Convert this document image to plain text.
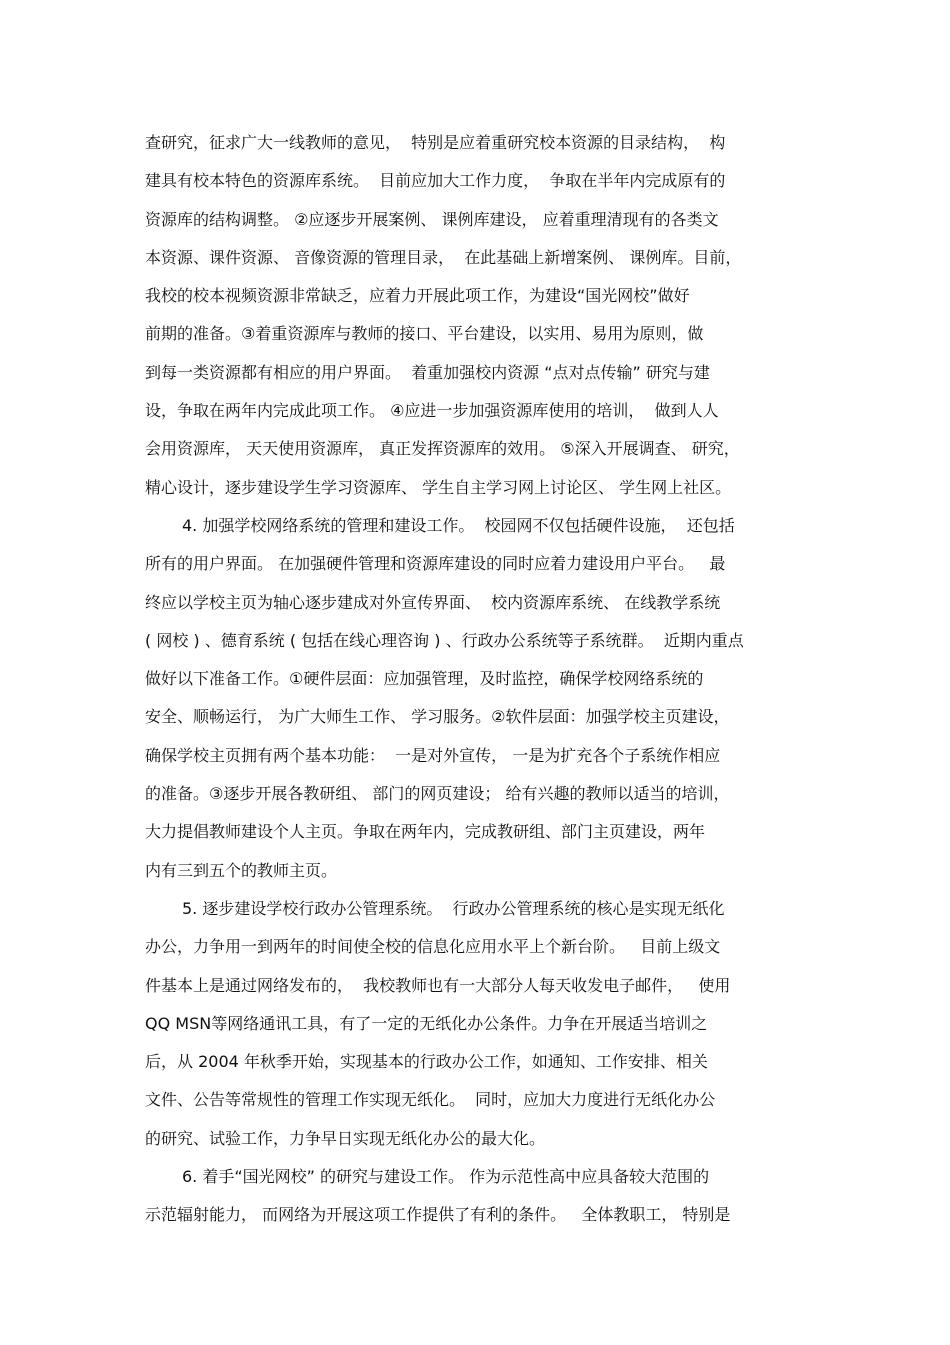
查研究，征求广大一线教师的意见，  特别是应着重研究校本资源的目录结构，  构
建具有校本特色的资源库系统。  目前应加大工作力度，  争取在半年内完成原有的
资源库的结构调整。 ②应逐步开展案例、 课例库建设， 应着重理清现有的各类文
本资源、课件资源、 音像资源的管理目录，  在此基础上新增案例、 课例库。目前，
我校的校本视频资源非常缺乏，应着力开展此项工作，为建设“国光网校”做好
前期的准备。③着重资源库与教师的接口、平台建设，以实用、易用为原则，做
到每一类资源都有相应的用户界面。  着重加强校内资源 “点对点传输” 研究与建
设，争取在两年内完成此项工作。 ④应进一步加强资源库使用的培训，  做到人人
会用资源库， 天天使用资源库， 真正发挥资源库的效用。 ⑤深入开展调查、 研究，
精心设计，逐步建设学生学习资源库、 学生自主学习网上讨论区、 学生网上社区。
4. 加强学校网络系统的管理和建设工作。  校园网不仅包括硬件设施，  还包括
所有的用户界面。 在加强硬件管理和资源库建设的同时应着力建设用户平台。   最
终应以学校主页为轴心逐步建成对外宣传界面、  校内资源库系统、 在线教学系统
( 网校 ) 、德育系统 ( 包括在线心理咨询 ) 、行政办公系统等子系统群。  近期内重点
做好以下准备工作。①硬件层面：应加强管理，及时监控，确保学校网络系统的
安全、顺畅运行， 为广大师生工作、 学习服务。②软件层面：加强学校主页建设，
确保学校主页拥有两个基本功能：  一是对外宣传， 一是为扩充各个子系统作相应
的准备。③逐步开展各教研组、 部门的网页建设； 给有兴趣的教师以适当的培训，
大力提倡教师建设个人主页。争取在两年内，完成教研组、部门主页建设，两年
内有三到五个的教师主页。
5. 逐步建设学校行政办公管理系统。  行政办公管理系统的核心是实现无纸化
办公，力争用一到两年的时间使全校的信息化应用水平上个新台阶。   目前上级文
件基本上是通过网络发布的，  我校教师也有一大部分人每天收发电子邮件，   使用
QQ MSN等网络通讯工具，有了一定的无纸化办公条件。力争在开展适当培训之
后，从 2004 年秋季开始，实现基本的行政办公工作，如通知、工作安排、相关
文件、公告等常规性的管理工作实现无纸化。  同时，应加大力度进行无纸化办公
的研究、试验工作，力争早日实现无纸化办公的最大化。
6. 着手“国光网校” 的研究与建设工作。 作为示范性高中应具备较大范围的
示范辐射能力， 而网络为开展这项工作提供了有利的条件。   全体教职工， 特别是
